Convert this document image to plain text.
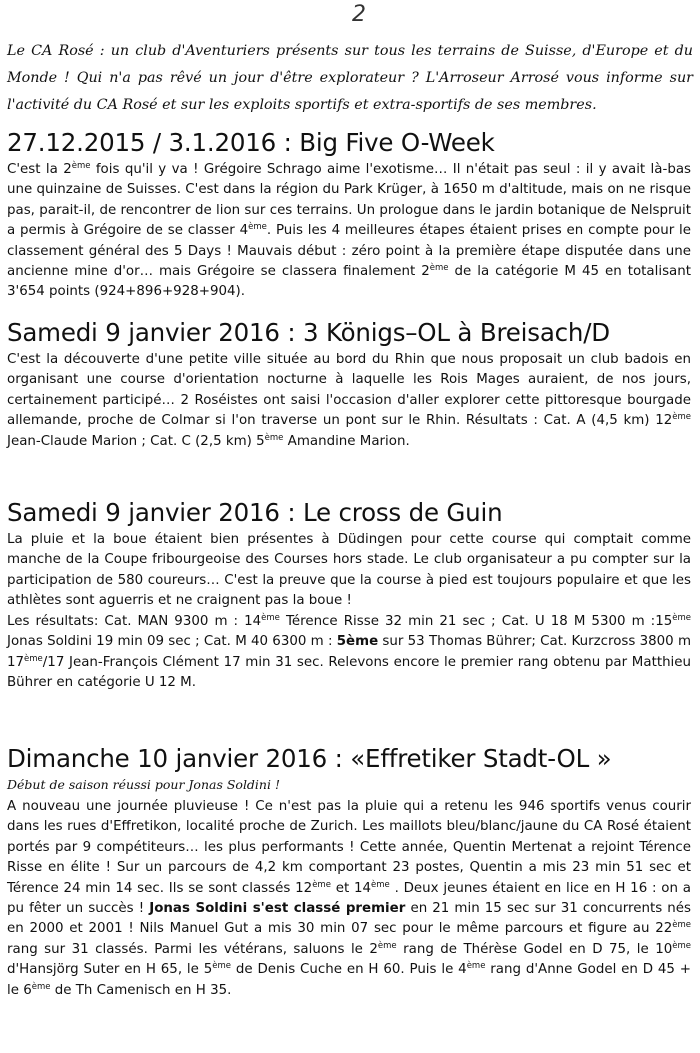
2
Le CA Rosé : un club d'Aventuriers présents sur tous les terrains de Suisse, d'Europe et du Monde ! Qui n'a pas rêvé un jour d'être explorateur ? L'Arroseur Arrosé vous informe sur l'activité du CA Rosé et sur les exploits sportifs et extra-sportifs de ses membres.
27.12.2015 / 3.1.2016 : Big Five O-Week
C'est la 2ème fois qu'il y va ! Grégoire Schrago aime l'exotisme… Il n'était pas seul : il y avait là-bas une quinzaine de Suisses. C'est dans la région du Park Krüger, à 1650 m d'altitude, mais on ne risque pas, parait-il, de rencontrer de lion sur ces terrains. Un prologue dans le jardin botanique de Nelspruit a permis à Grégoire de se classer 4ème. Puis les 4 meilleures étapes étaient prises en compte pour le classement général des 5 Days ! Mauvais début : zéro point à la première étape disputée dans une ancienne mine d'or… mais Grégoire se classera finalement 2ème de la catégorie M 45 en totalisant 3'654 points (924+896+928+904).
Samedi 9 janvier 2016 : 3 Königs–OL à Breisach/D
C'est la découverte d'une petite ville située au bord du Rhin que nous proposait un club badois en organisant une course d'orientation nocturne à laquelle les Rois Mages auraient, de nos jours, certainement participé… 2 Roséistes ont saisi l'occasion d'aller explorer cette pittoresque bourgade allemande, proche de Colmar si l'on traverse un pont sur le Rhin. Résultats : Cat. A (4,5 km) 12ème Jean-Claude Marion ; Cat. C (2,5 km) 5ème Amandine Marion.
Samedi 9 janvier 2016 : Le cross de Guin
La pluie et la boue étaient bien présentes à Düdingen pour cette course qui comptait comme manche de la Coupe fribourgeoise des Courses hors stade. Le club organisateur a pu compter sur la participation de 580 coureurs… C'est la preuve que la course à pied est toujours populaire et que les athlètes sont aguerris et ne craignent pas la boue !
Les résultats: Cat. MAN 9300 m : 14ème Térence Risse 32 min 21 sec ; Cat. U 18 M 5300 m :15ème Jonas Soldini 19 min 09 sec ; Cat. M 40 6300 m : 5ème sur 53 Thomas Bührer; Cat. Kurzcross 3800 m 17ème/17 Jean-François Clément 17 min 31 sec. Relevons encore le premier rang obtenu par Matthieu Bührer en catégorie U 12 M.
Dimanche 10 janvier 2016 : «Effretiker Stadt-OL »
Début de saison réussi pour Jonas Soldini !
A nouveau une journée pluvieuse ! Ce n'est pas la pluie qui a retenu les 946 sportifs venus courir dans les rues d'Effretikon, localité proche de Zurich. Les maillots bleu/blanc/jaune du CA Rosé étaient portés par 9 compétiteurs… les plus performants ! Cette année, Quentin Mertenat a rejoint Térence Risse en élite ! Sur un parcours de 4,2 km comportant 23 postes, Quentin a mis 23 min 51 sec et Térence 24 min 14 sec. Ils se sont classés 12ème et 14ème . Deux jeunes étaient en lice en H 16 : on a pu fêter un succès ! Jonas Soldini s'est classé premier en 21 min 15 sec sur 31 concurrents nés en 2000 et 2001 ! Nils Manuel Gut a mis 30 min 07 sec pour le même parcours et figure au 22ème rang sur 31 classés. Parmi les vétérans, saluons le 2ème rang de Thérèse Godel en D 75, le 10ème d'Hansjörg Suter en H 65, le 5ème de Denis Cuche en H 60. Puis le 4ème rang d'Anne Godel en D 45 + le 6ème de Th Camenisch en H 35.
